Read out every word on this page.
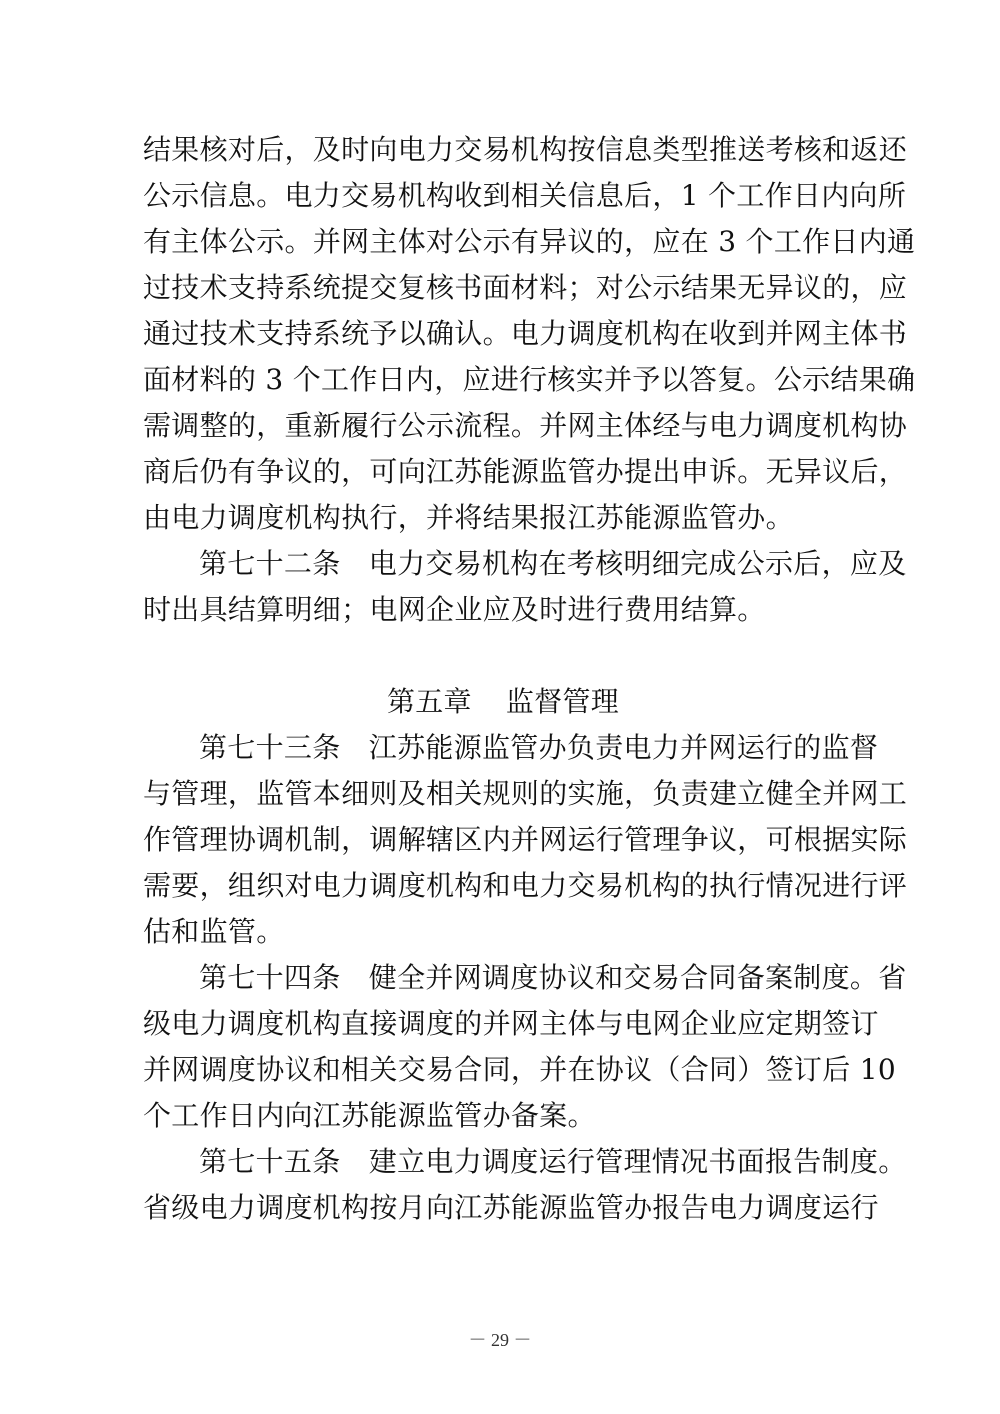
结果核对后，及时向电力交易机构按信息类型推送考核和返还
公示信息。电力交易机构收到相关信息后，1 个工作日内向所
有主体公示。并网主体对公示有异议的，应在 3 个工作日内通
过技术支持系统提交复核书面材料；对公示结果无异议的，应
通过技术支持系统予以确认。电力调度机构在收到并网主体书
面材料的 3 个工作日内，应进行核实并予以答复。公示结果确
需调整的，重新履行公示流程。并网主体经与电力调度机构协
商后仍有争议的，可向江苏能源监管办提出申诉。无异议后，
由电力调度机构执行，并将结果报江苏能源监管办。
第七十二条　电力交易机构在考核明细完成公示后，应及
时出具结算明细；电网企业应及时进行费用结算。
第五章 监督管理
第七十三条　江苏能源监管办负责电力并网运行的监督
与管理，监管本细则及相关规则的实施，负责建立健全并网工
作管理协调机制，调解辖区内并网运行管理争议，可根据实际
需要，组织对电力调度机构和电力交易机构的执行情况进行评
估和监管。
第七十四条　健全并网调度协议和交易合同备案制度。省
级电力调度机构直接调度的并网主体与电网企业应定期签订
并网调度协议和相关交易合同，并在协议（合同）签订后 10
个工作日内向江苏能源监管办备案。
第七十五条　建立电力调度运行管理情况书面报告制度。
省级电力调度机构按月向江苏能源监管办报告电力调度运行
－ 29 －
